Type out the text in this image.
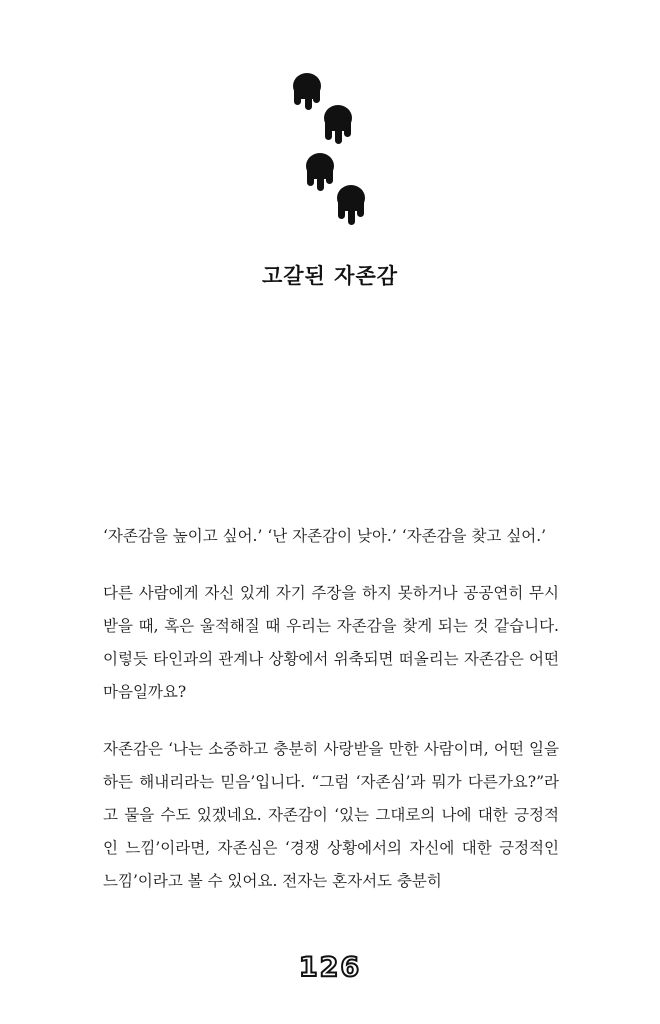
고갈된 자존감

‘자존감을 높이고 싶어.’ ‘난 자존감이 낮아.’ ‘자존감을 찾고 싶어.’

다른 사람에게 자신 있게 자기 주장을 하지 못하거나 공공연히 무시받을 때, 혹은 울적해질 때 우리는 자존감을 찾게 되는 것 같습니다. 이렇듯 타인과의 관계나 상황에서 위축되면 떠올리는 자존감은 어떤 마음일까요?

자존감은 ‘나는 소중하고 충분히 사랑받을 만한 사람이며, 어떤 일을 하든 해내리라는 믿음’입니다. “그럼 ‘자존심’과 뭐가 다른가요?”라고 물을 수도 있겠네요. 자존감이 ‘있는 그대로의 나에 대한 긍정적인 느낌’이라면, 자존심은 ‘경쟁 상황에서의 자신에 대한 긍정적인 느낌’이라고 볼 수 있어요. 전자는 혼자서도 충분히

126
